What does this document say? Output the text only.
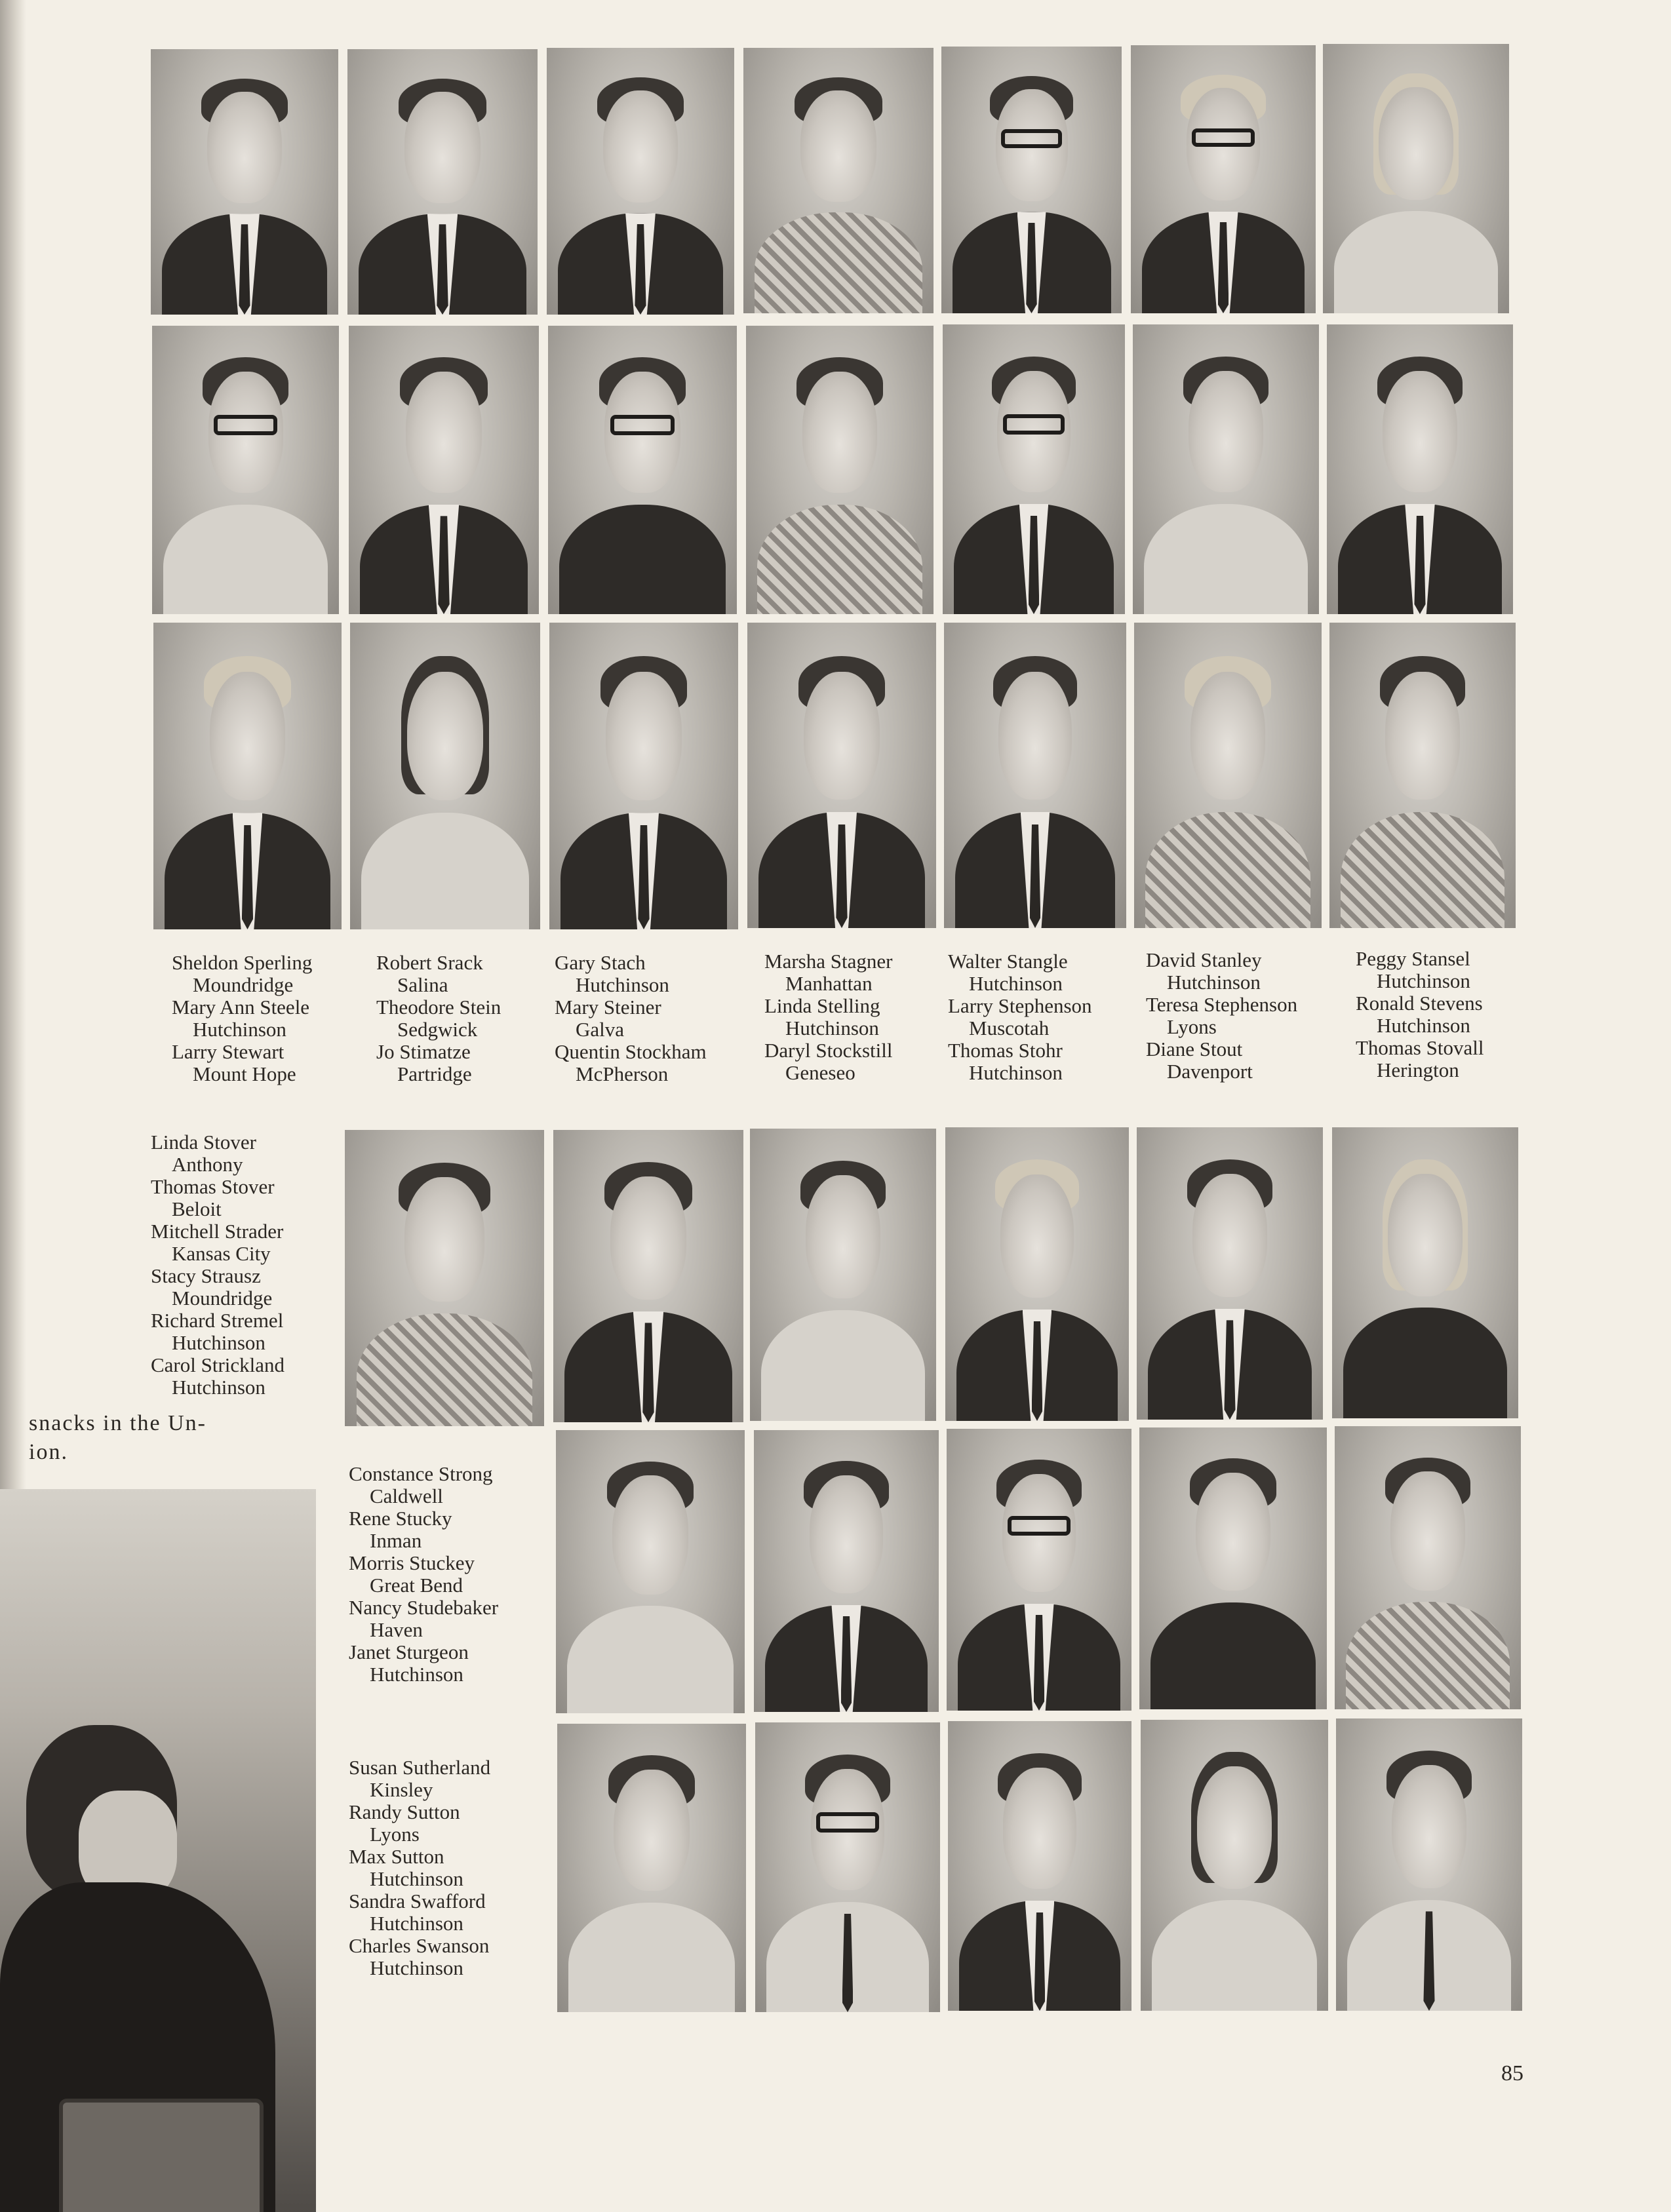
Sheldon Sperling
Moundridge
Mary Ann Steele
Hutchinson
Larry Stewart
Mount Hope
Robert Srack
Salina
Theodore Stein
Sedgwick
Jo Stimatze
Partridge
Gary Stach
Hutchinson
Mary Steiner
Galva
Quentin Stockham
McPherson
Marsha Stagner
Manhattan
Linda Stelling
Hutchinson
Daryl Stockstill
Geneseo
Walter Stangle
Hutchinson
Larry Stephenson
Muscotah
Thomas Stohr
Hutchinson
David Stanley
Hutchinson
Teresa Stephenson
Lyons
Diane Stout
Davenport
Peggy Stansel
Hutchinson
Ronald Stevens
Hutchinson
Thomas Stovall
Herington
Linda Stover
Anthony
Thomas Stover
Beloit
Mitchell Strader
Kansas City
Stacy Strausz
Moundridge
Richard Stremel
Hutchinson
Carol Strickland
Hutchinson
Constance Strong
Caldwell
Rene Stucky
Inman
Morris Stuckey
Great Bend
Nancy Studebaker
Haven
Janet Sturgeon
Hutchinson
Susan Sutherland
Kinsley
Randy Sutton
Lyons
Max Sutton
Hutchinson
Sandra Swafford
Hutchinson
Charles Swanson
Hutchinson
snacks in the Un-
ion.
85
